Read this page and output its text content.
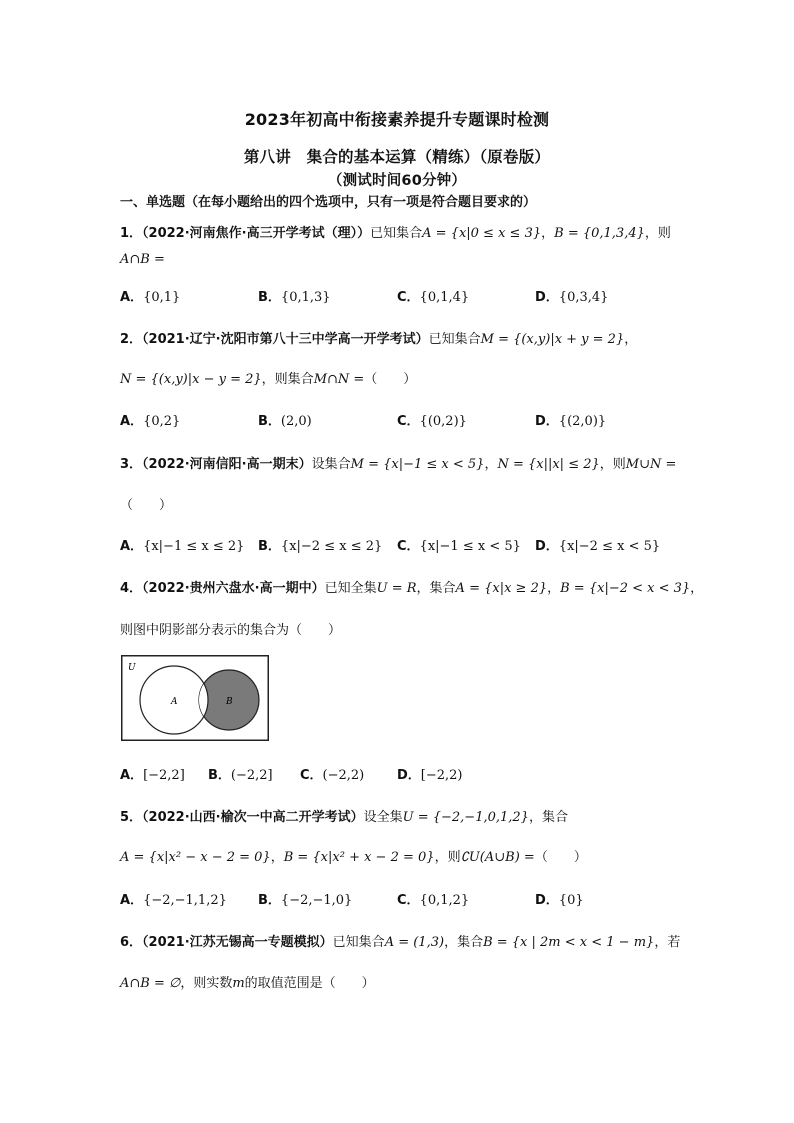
2023年初高中衔接素养提升专题课时检测
第八讲　集合的基本运算（精练）（原卷版）
（测试时间60分钟）
一、单选题（在每小题给出的四个选项中，只有一项是符合题目要求的）
1．（2022·河南焦作·高三开学考试（理））已知集合A = {x|0 ≤ x ≤ 3}，B = {0,1,3,4}，则
A∩B =
A．{0,1}	B．{0,1,3}	C．{0,1,4}	D．{0,3,4}
2．（2021·辽宁·沈阳市第八十三中学高一开学考试）已知集合M = {(x,y)|x + y = 2}，
N = {(x,y)|x − y = 2}，则集合M∩N =（　　）
A．{0,2}	B．(2,0)	C．{(0,2)}	D．{(2,0)}
3．（2022·河南信阳·高一期末）设集合M = {x|−1 ≤ x < 5}，N = {x||x| ≤ 2}，则M∪N =
（　　）
A．{x|−1 ≤ x ≤ 2} B．{x|−2 ≤ x ≤ 2} C．{x|−1 ≤ x < 5} D．{x|−2 ≤ x < 5}
4．（2022·贵州六盘水·高一期中）已知全集U = R，集合A = {x|x ≥ 2}，B = {x|−2 < x < 3}，
则图中阴影部分表示的集合为（　　）
U
A	B
A．[−2,2] B．(−2,2] C．(−2,2)	D．[−2,2)
5．（2022·山西·榆次一中高二开学考试）设全集U = {−2,−1,0,1,2}，集合
A = {x|x² − x − 2 = 0}，B = {x|x² + x − 2 = 0}，则∁U(A∪B) =（　　）
A．{−2,−1,1,2} B．{−2,−1,0}	C．{0,1,2}	D．{0}
6．（2021·江苏无锡高一专题模拟）已知集合A = (1,3)，集合B = {x | 2m < x < 1 − m}，若
A∩B = ∅，则实数m的取值范围是（　　）
